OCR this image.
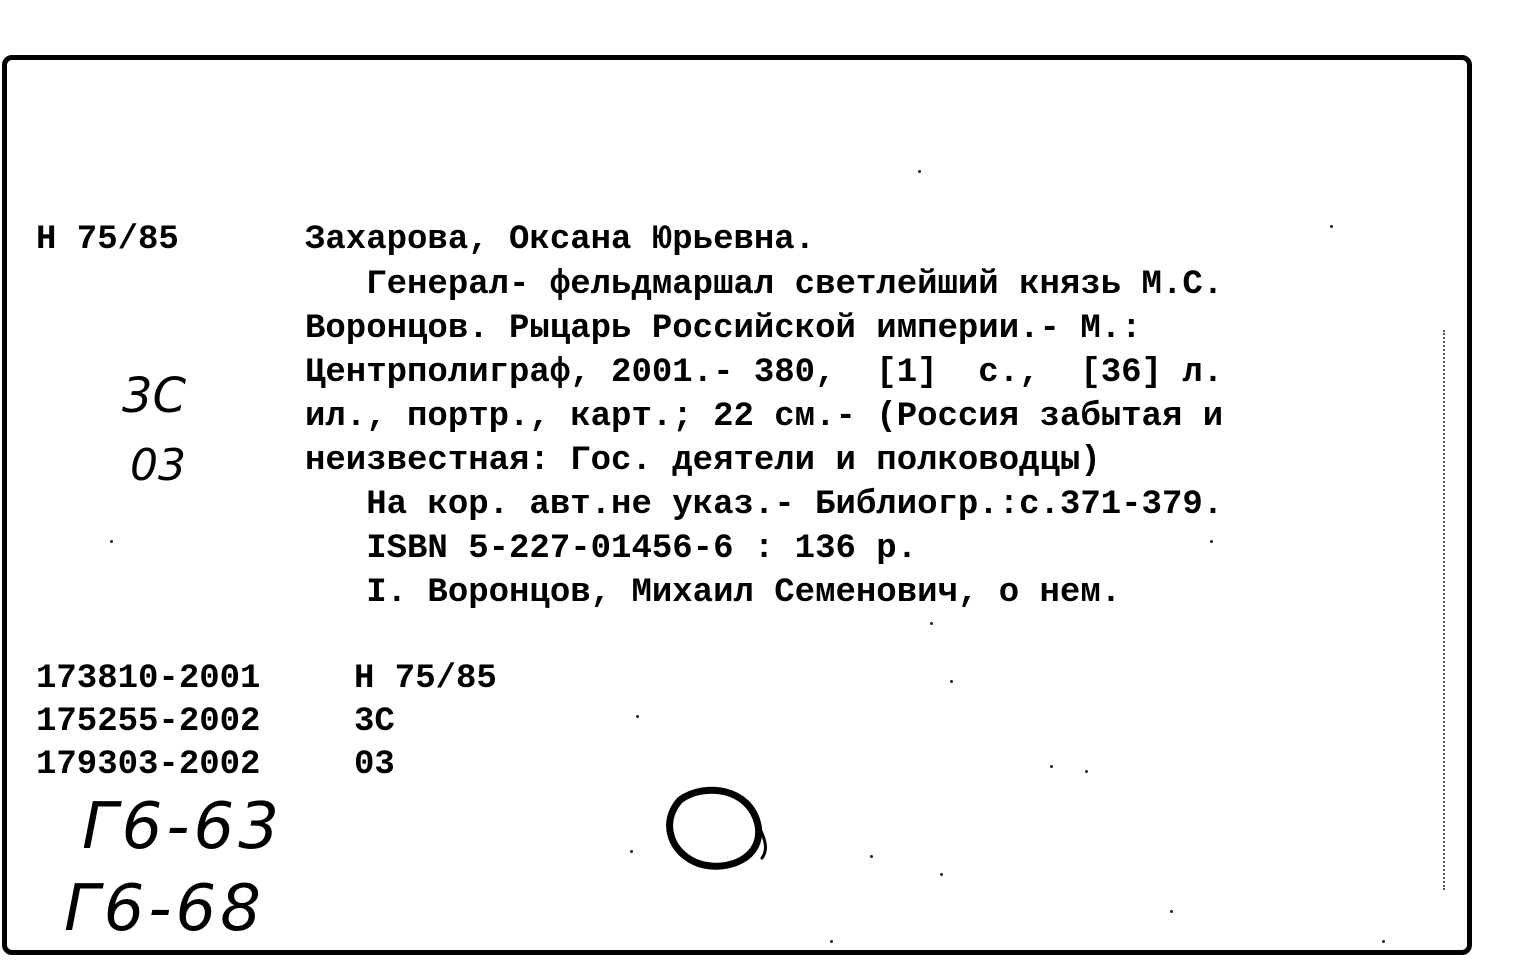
Н 75/85	Захарова, Оксана Юрьевна.
Генерал- фельдмаршал светлейший князь М.С.
Воронцов. Рыцарь Российской империи.- М.:
Центрполиграф, 2001.- 380,  [1]  с.,  [36] л.
ил., портр., карт.; 22 см.- (Россия забытая и
неизвестная: Гос. деятели и полководцы)
На кор. авт.не указ.- Библиогр.:с.371-379.
ISBN 5-227-01456-6 : 136 р.
I. Воронцов, Михаил Семенович, о нем.
3С
03
173810-2001	Н 75/85
175255-2002	3С
179303-2002	03
Г6-63
Г6-68
